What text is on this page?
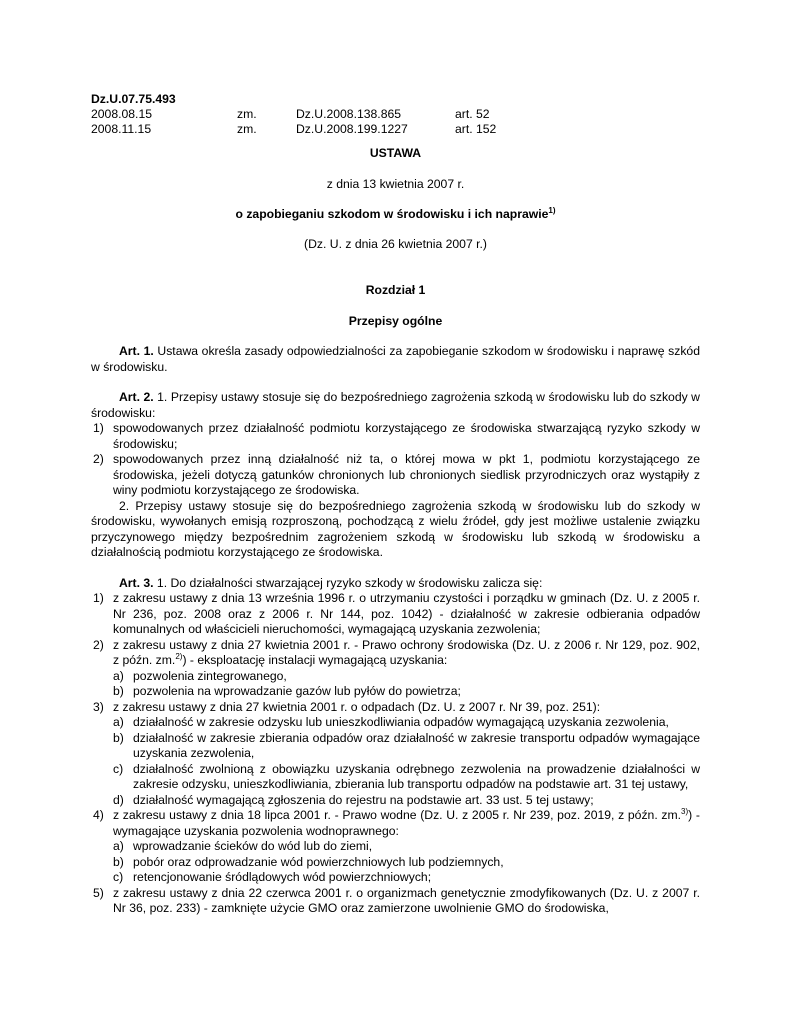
Dz.U.07.75.493
2008.08.15	zm.	Dz.U.2008.138.865	art. 52
2008.11.15	zm.	Dz.U.2008.199.1227	art. 152
USTAWA
z dnia 13 kwietnia 2007 r.
o zapobieganiu szkodom w środowisku i ich naprawie$^{1)}$
(Dz. U. z dnia 26 kwietnia 2007 r.)
Rozdział 1
Przepisy ogólne
Art. 1. Ustawa określa zasady odpowiedzialności za zapobieganie szkodom w środowisku i naprawę szkód w środowisku.
Art. 2. 1. Przepisy ustawy stosuje się do bezpośredniego zagrożenia szkodą w środowisku lub do szkody w środowisku:
1) spowodowanych przez działalność podmiotu korzystającego ze środowiska stwarzającą ryzyko szkody w środowisku;
2) spowodowanych przez inną działalność niż ta, o której mowa w pkt 1, podmiotu korzystającego ze środowiska, jeżeli dotyczą gatunków chronionych lub chronionych siedlisk przyrodniczych oraz wystąpiły z winy podmiotu korzystającego ze środowiska.
2. Przepisy ustawy stosuje się do bezpośredniego zagrożenia szkodą w środowisku lub do szkody w środowisku, wywołanych emisją rozproszoną, pochodzącą z wielu źródeł, gdy jest możliwe ustalenie związku przyczynowego między bezpośrednim zagrożeniem szkodą w środowisku lub szkodą w środowisku a działalnością podmiotu korzystającego ze środowiska.
Art. 3. 1. Do działalności stwarzającej ryzyko szkody w środowisku zalicza się:
1) z zakresu ustawy z dnia 13 września 1996 r. o utrzymaniu czystości i porządku w gminach (Dz. U. z 2005 r. Nr 236, poz. 2008 oraz z 2006 r. Nr 144, poz. 1042) - działalność w zakresie odbierania odpadów komunalnych od właścicieli nieruchomości, wymagającą uzyskania zezwolenia;
2) z zakresu ustawy z dnia 27 kwietnia 2001 r. - Prawo ochrony środowiska (Dz. U. z 2006 r. Nr 129, poz. 902, z późn. zm.$^{2)}$) - eksploatację instalacji wymagającą uzyskania:
a) pozwolenia zintegrowanego,
b) pozwolenia na wprowadzanie gazów lub pyłów do powietrza;
3) z zakresu ustawy z dnia 27 kwietnia 2001 r. o odpadach (Dz. U. z 2007 r. Nr 39, poz. 251):
a) działalność w zakresie odzysku lub unieszkodliwiania odpadów wymagającą uzyskania zezwolenia,
b) działalność w zakresie zbierania odpadów oraz działalność w zakresie transportu odpadów wymagające uzyskania zezwolenia,
c) działalność zwolnioną z obowiązku uzyskania odrębnego zezwolenia na prowadzenie działalności w zakresie odzysku, unieszkodliwiania, zbierania lub transportu odpadów na podstawie art. 31 tej ustawy,
d) działalność wymagającą zgłoszenia do rejestru na podstawie art. 33 ust. 5 tej ustawy;
4) z zakresu ustawy z dnia 18 lipca 2001 r. - Prawo wodne (Dz. U. z 2005 r. Nr 239, poz. 2019, z późn. zm.$^{3)}$) - wymagające uzyskania pozwolenia wodnoprawnego:
a) wprowadzanie ścieków do wód lub do ziemi,
b) pobór oraz odprowadzanie wód powierzchniowych lub podziemnych,
c) retencjonowanie śródlądowych wód powierzchniowych;
5) z zakresu ustawy z dnia 22 czerwca 2001 r. o organizmach genetycznie zmodyfikowanych (Dz. U. z 2007 r. Nr 36, poz. 233) - zamknięte użycie GMO oraz zamierzone uwolnienie GMO do środowiska,
